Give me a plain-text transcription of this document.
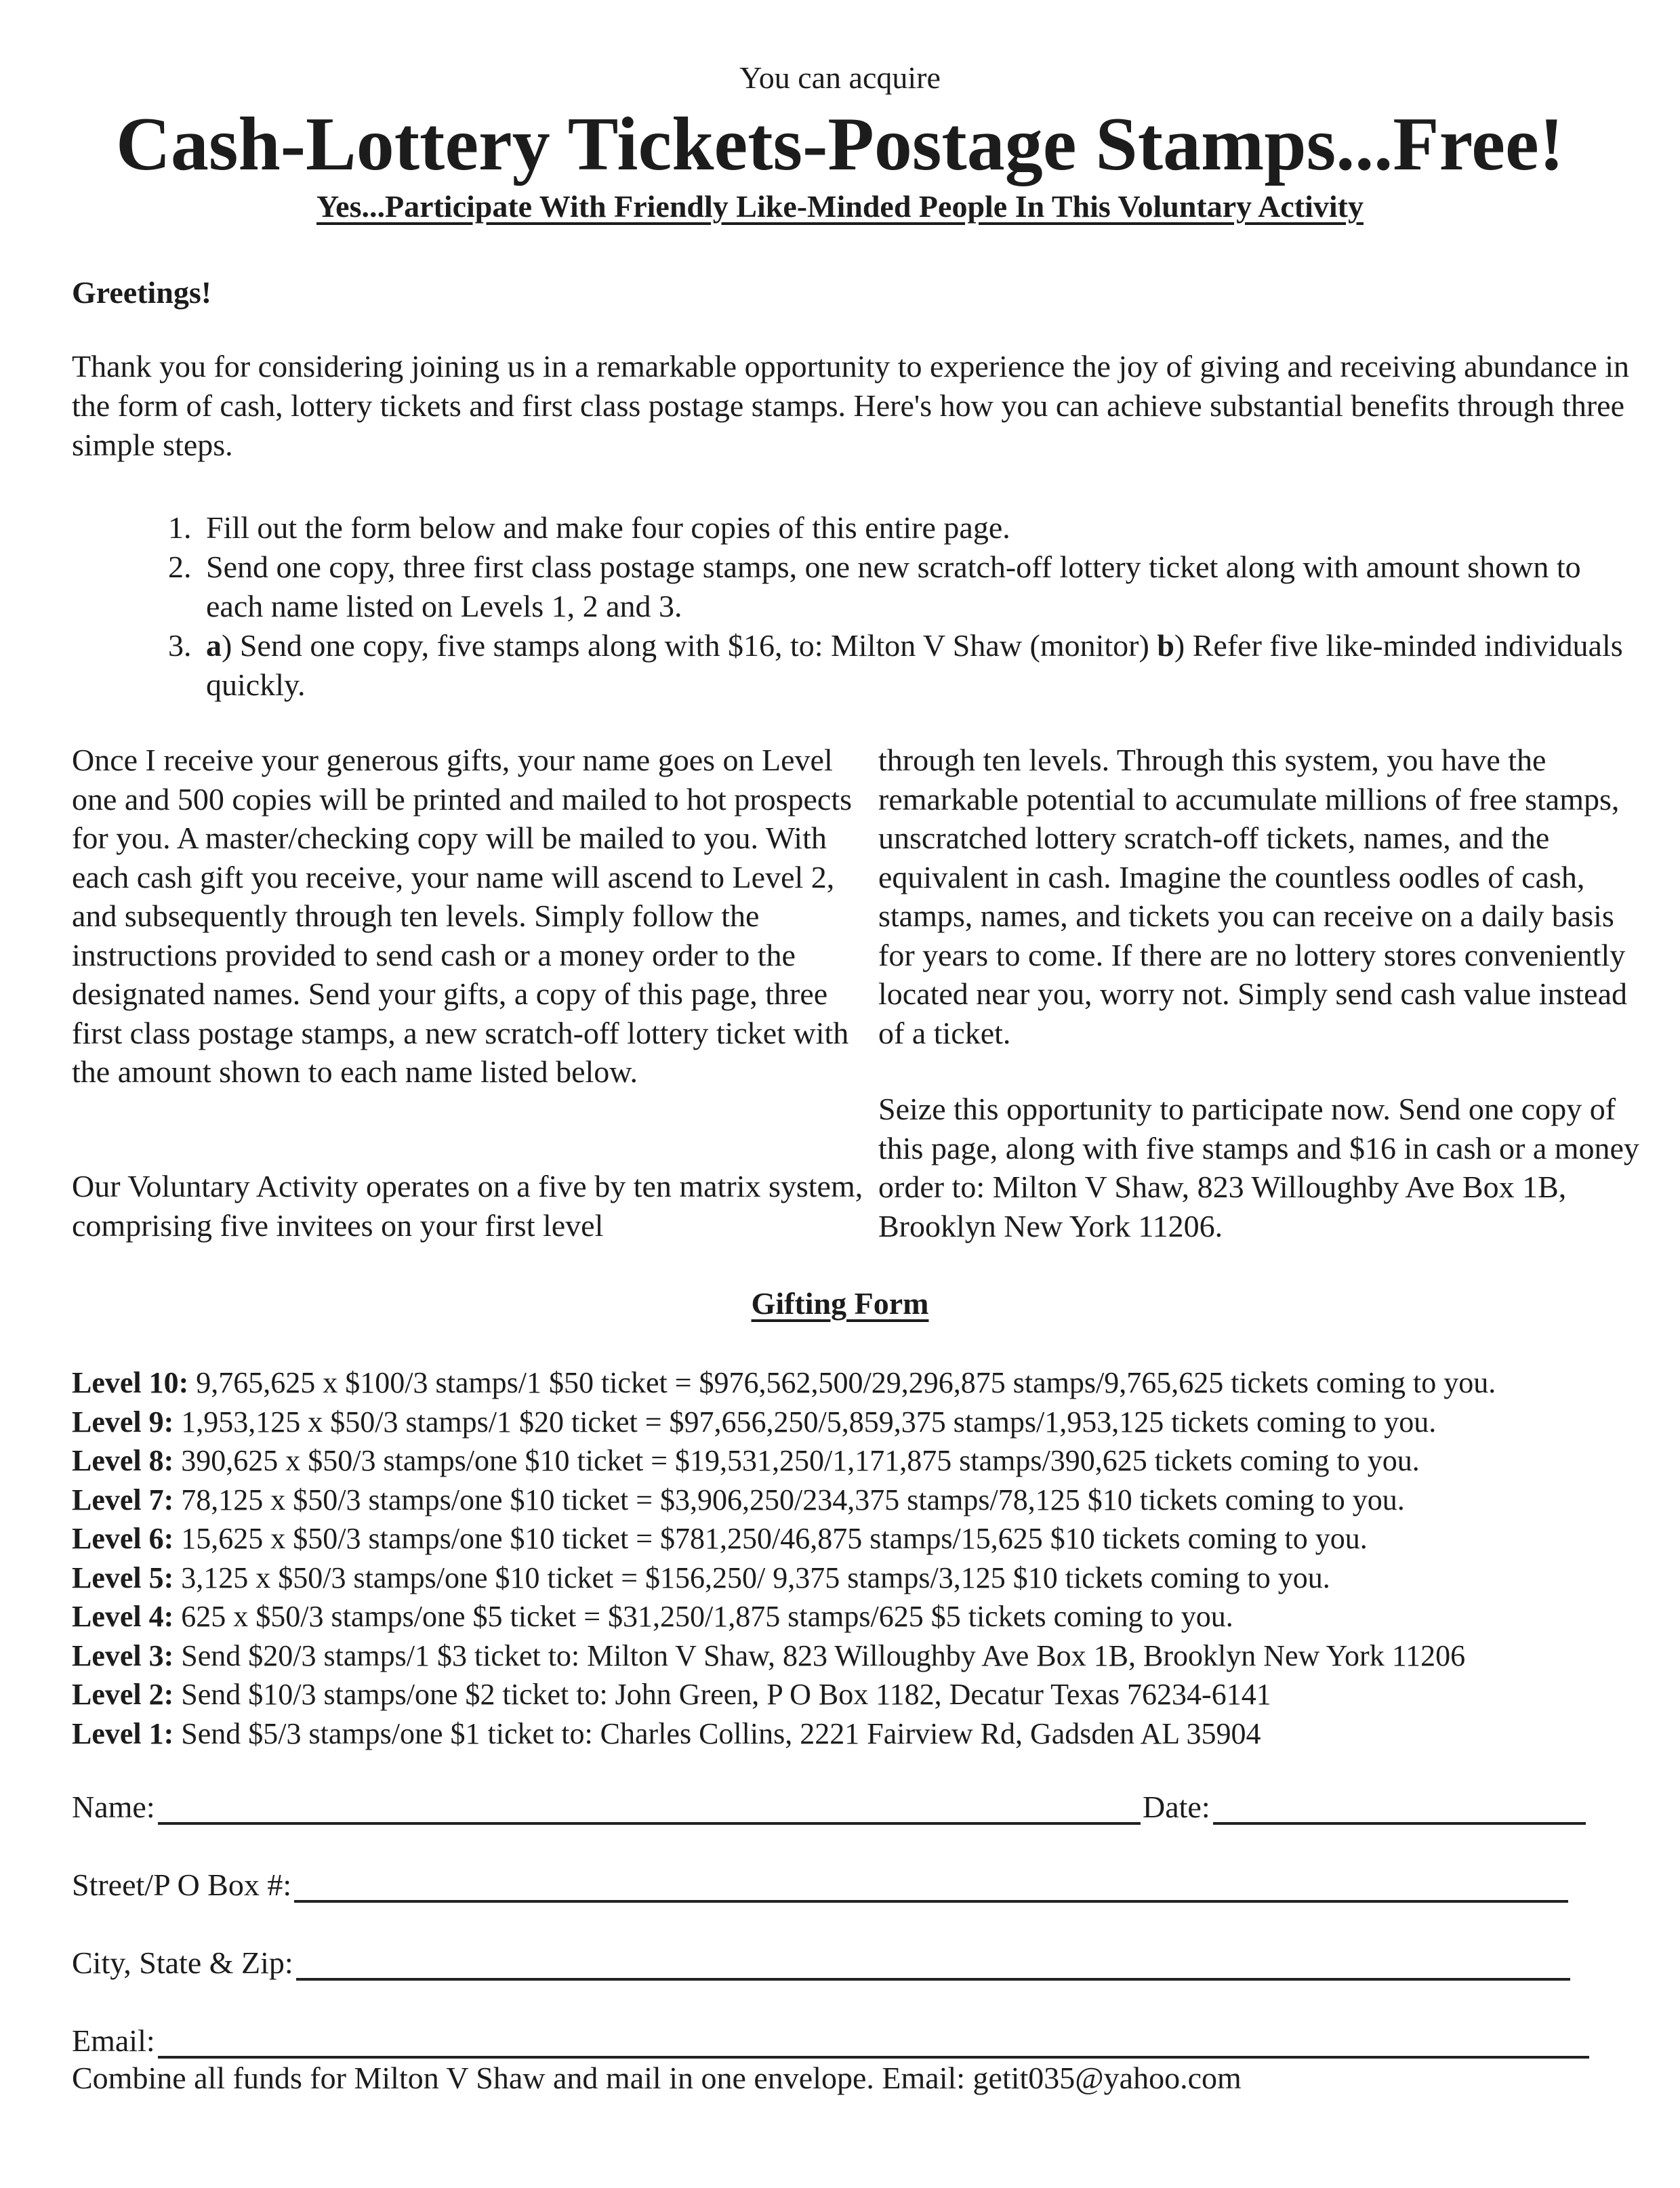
You can acquire
Cash-Lottery Tickets-Postage Stamps...Free!
Yes...Participate With Friendly Like-Minded People In This Voluntary Activity
Greetings!
Thank you for considering joining us in a remarkable opportunity to experience the joy of giving and receiving abundance in the form of cash, lottery tickets and first class postage stamps. Here's how you can achieve substantial benefits through three simple steps.
1. Fill out the form below and make four copies of this entire page.
2. Send one copy, three first class postage stamps, one new scratch-off lottery ticket along with amount shown to each name listed on Levels 1, 2 and 3.
3. a) Send one copy, five stamps along with $16, to: Milton V Shaw (monitor) b) Refer five like-minded individuals quickly.
Once I receive your generous gifts, your name goes on Level one and 500 copies will be printed and mailed to hot prospects for you. A master/checking copy will be mailed to you. With each cash gift you receive, your name will ascend to Level 2, and subsequently through ten levels. Simply follow the instructions provided to send cash or a money order to the designated names. Send your gifts, a copy of this page, three first class postage stamps, a new scratch-off lottery ticket with the amount shown to each name listed below.
Our Voluntary Activity operates on a five by ten matrix system, comprising five invitees on your first level
through ten levels. Through this system, you have the remarkable potential to accumulate millions of free stamps, unscratched lottery scratch-off tickets, names, and the equivalent in cash. Imagine the countless oodles of cash, stamps, names, and tickets you can receive on a daily basis for years to come. If there are no lottery stores conveniently located near you, worry not. Simply send cash value instead of a ticket.
Seize this opportunity to participate now. Send one copy of this page, along with five stamps and $16 in cash or a money order to: Milton V Shaw, 823 Willoughby Ave Box 1B, Brooklyn New York 11206.
Gifting Form
Level 10: 9,765,625 x $100/3 stamps/1 $50 ticket = $976,562,500/29,296,875 stamps/9,765,625 tickets coming to you.
Level 9: 1,953,125 x $50/3 stamps/1 $20 ticket = $97,656,250/5,859,375 stamps/1,953,125 tickets coming to you.
Level 8: 390,625 x $50/3 stamps/one $10 ticket = $19,531,250/1,171,875 stamps/390,625 tickets coming to you.
Level 7: 78,125 x $50/3 stamps/one $10 ticket = $3,906,250/234,375 stamps/78,125 $10 tickets coming to you.
Level 6: 15,625 x $50/3 stamps/one $10 ticket = $781,250/46,875 stamps/15,625 $10 tickets coming to you.
Level 5: 3,125 x $50/3 stamps/one $10 ticket = $156,250/ 9,375 stamps/3,125 $10 tickets coming to you.
Level 4: 625 x $50/3 stamps/one $5 ticket = $31,250/1,875 stamps/625 $5 tickets coming to you.
Level 3: Send $20/3 stamps/1 $3 ticket to: Milton V Shaw, 823 Willoughby Ave Box 1B, Brooklyn New York 11206
Level 2: Send $10/3 stamps/one $2 ticket to: John Green, P O Box 1182, Decatur Texas 76234-6141
Level 1: Send $5/3 stamps/one $1 ticket to: Charles Collins, 2221 Fairview Rd, Gadsden AL 35904
Name:	Date:
Street/P O Box #:
City, State & Zip:
Email:
Combine all funds for Milton V Shaw and mail in one envelope. Email: getit035@yahoo.com
